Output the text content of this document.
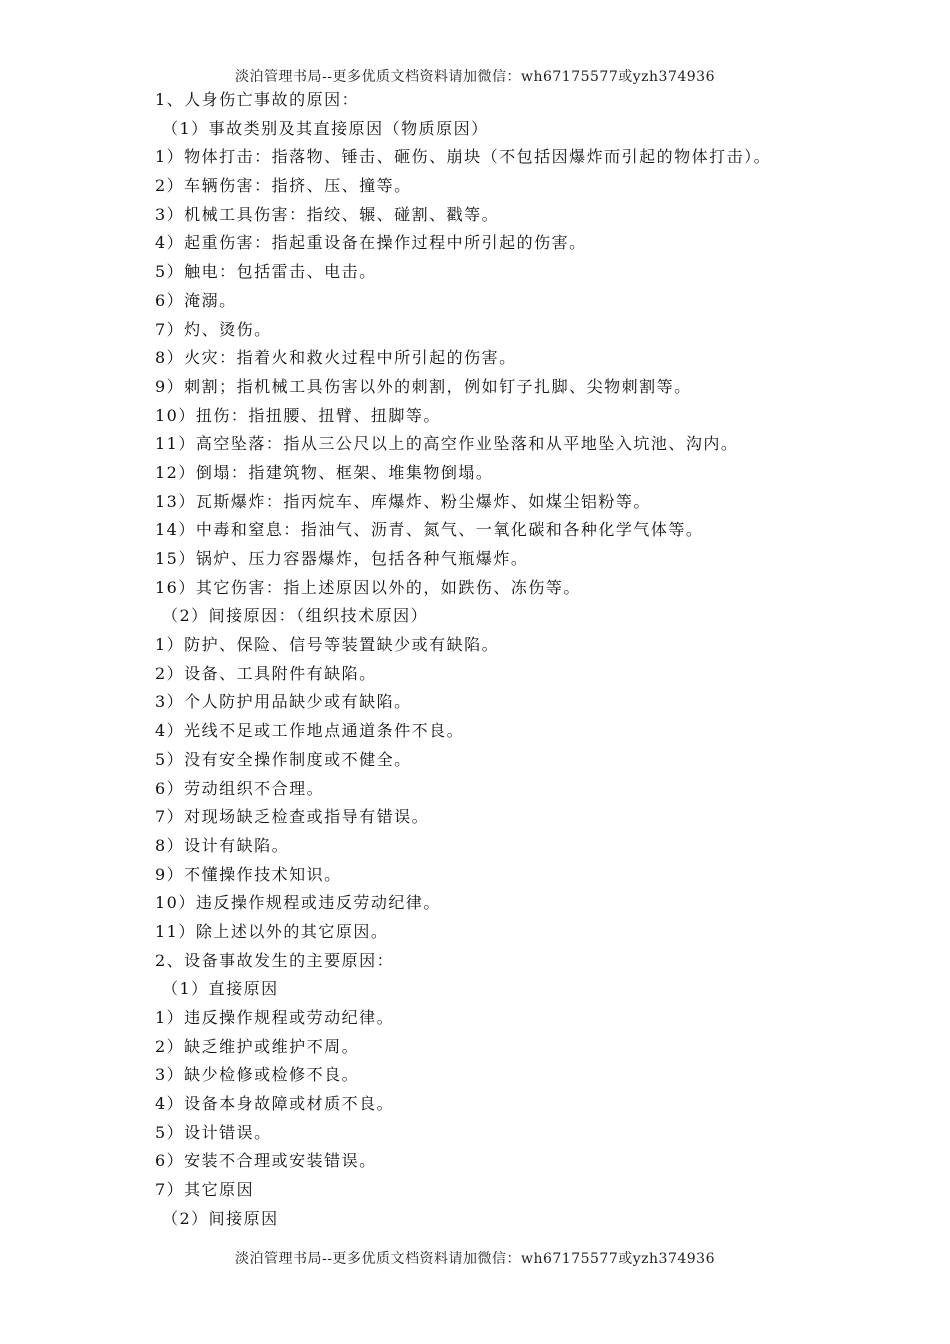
淡泊管理书局--更多优质文档资料请加微信：wh67175577或yzh374936
1、人身伤亡事故的原因：
（1）事故类别及其直接原因（物质原因）
1）物体打击：指落物、锤击、砸伤、崩块（不包括因爆炸而引起的物体打击）。
2）车辆伤害：指挤、压、撞等。
3）机械工具伤害：指绞、辗、碰割、戳等。
4）起重伤害：指起重设备在操作过程中所引起的伤害。
5）触电：包括雷击、电击。
6）淹溺。
7）灼、烫伤。
8）火灾：指着火和救火过程中所引起的伤害。
9）刺割；指机械工具伤害以外的刺割，例如钉子扎脚、尖物刺割等。
10）扭伤：指扭腰、扭臂、扭脚等。
11）高空坠落：指从三公尺以上的高空作业坠落和从平地坠入坑池、沟内。
12）倒塌：指建筑物、框架、堆集物倒塌。
13）瓦斯爆炸：指丙烷车、库爆炸、粉尘爆炸、如煤尘铝粉等。
14）中毒和窒息：指油气、沥青、氮气、一氧化碳和各种化学气体等。
15）锅炉、压力容器爆炸，包括各种气瓶爆炸。
16）其它伤害：指上述原因以外的，如跌伤、冻伤等。
（2）间接原因：（组织技术原因）
1）防护、保险、信号等装置缺少或有缺陷。
2）设备、工具附件有缺陷。
3）个人防护用品缺少或有缺陷。
4）光线不足或工作地点通道条件不良。
5）没有安全操作制度或不健全。
6）劳动组织不合理。
7）对现场缺乏检查或指导有错误。
8）设计有缺陷。
9）不懂操作技术知识。
10）违反操作规程或违反劳动纪律。
11）除上述以外的其它原因。
2、设备事故发生的主要原因：
（1）直接原因
1）违反操作规程或劳动纪律。
2）缺乏维护或维护不周。
3）缺少检修或检修不良。
4）设备本身故障或材质不良。
5）设计错误。
6）安装不合理或安装错误。
7）其它原因
（2）间接原因
淡泊管理书局--更多优质文档资料请加微信：wh67175577或yzh374936
